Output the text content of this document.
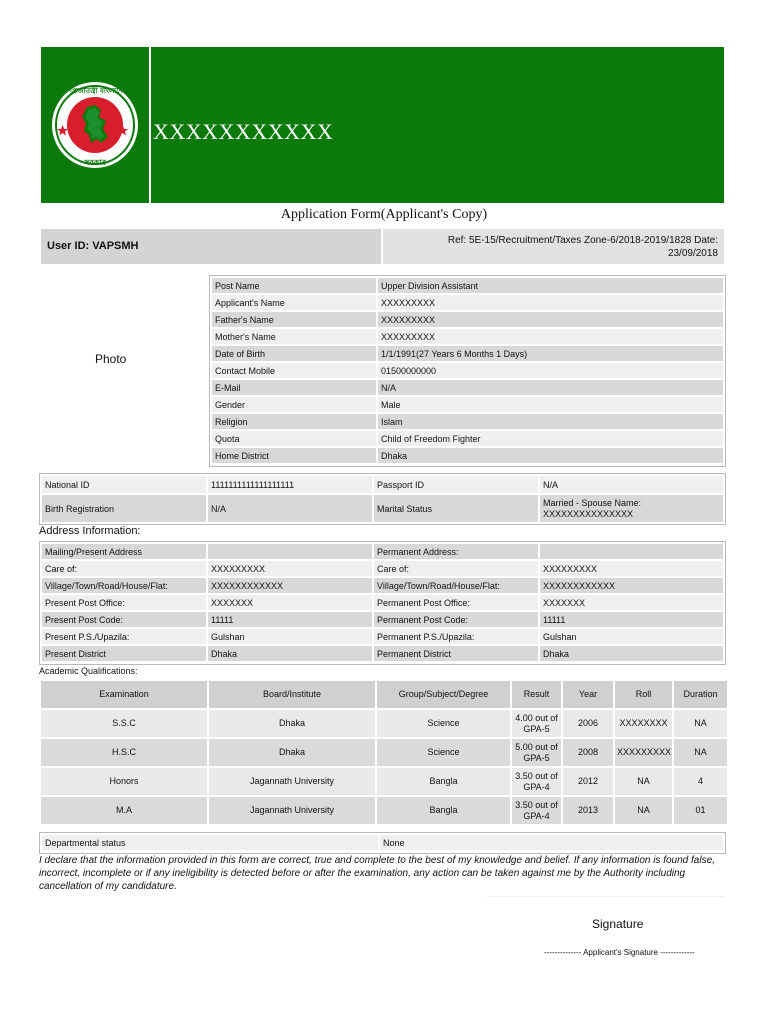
গণপ্রজাতন্ত্রী বাংলাদেশ
সরকার
XXXXXXXXXXX
Application Form(Applicant's Copy)
User ID: VAPSMH	Ref: 5E-15/Recruitment/Taxes Zone-6/2018-2019/1828 Date:
23/09/2018
Photo
Post Name	Upper Division Assistant
Applicant's Name	XXXXXXXXX
Father's Name	XXXXXXXXX
Mother's Name	XXXXXXXXX
Date of Birth	1/1/1991(27 Years 6 Months 1 Days)
Contact Mobile	01500000000
E-Mail	N/A
Gender	Male
Religion	Islam
Quota	Child of Freedom Fighter
Home District	Dhaka
National ID	1111111111111111111	Passport ID	N/A
Birth Registration	N/A	Marital Status	Married - Spouse Name:
XXXXXXXXXXXXXXX
Address Information:
Mailing/Present Address		Permanent Address:	
Care of:	XXXXXXXXX	Care of:	XXXXXXXXX
Village/Town/Road/House/Flat:	XXXXXXXXXXXX	Village/Town/Road/House/Flat:	XXXXXXXXXXXX
Present Post Office:	XXXXXXX	Permanent Post Office:	XXXXXXX
Present Post Code:	11111	Permanent Post Code:	11111
Present P.S./Upazila:	Gulshan	Permanent P.S./Upazila:	Gulshan
Present District	Dhaka	Permanent District	Dhaka
Academic Qualifications:
Examination	Board/Institute	Group/Subject/Degree	Result	Year	Roll	Duration
S.S.C	Dhaka	Science	4.00 out of
GPA-5	2006	XXXXXXXX	NA
H.S.C	Dhaka	Science	5.00 out of
GPA-5	2008	XXXXXXXXX	NA
Honors	Jagannath University	Bangla	3.50 out of
GPA-4	2012	NA	4
M.A	Jagannath University	Bangla	3.50 out of
GPA-4	2013	NA	01
Departmental status	None
I declare that the information provided in this form are correct, true and complete to the best of my knowledge and belief. If any information is found false, incorrect, incomplete or if any ineligibility is detected before or after the examination, any action can be taken against me by the Authority including cancellation of my candidature.
Signature
-------------- Applicant's Signature -------------
